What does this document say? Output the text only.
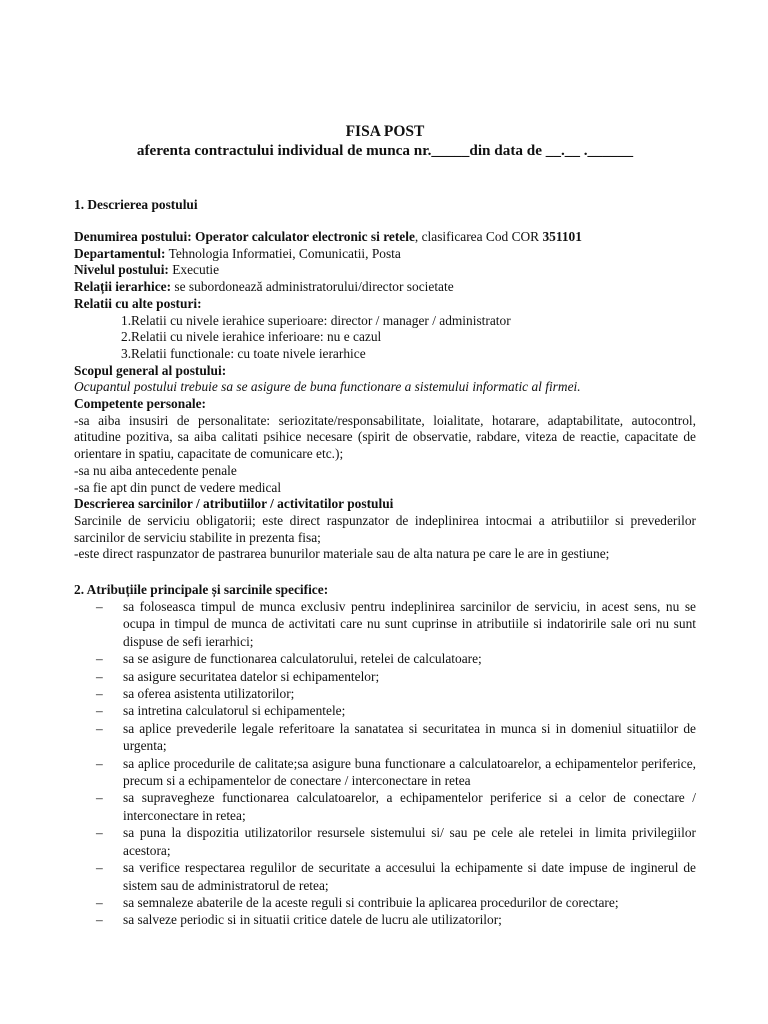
FISA POST
aferenta contractului individual de munca nr._____din data de __.__ .______
1. Descrierea postului
Denumirea postului: Operator calculator electronic si retele, clasificarea Cod COR 351101
Departamentul: Tehnologia Informatiei, Comunicatii, Posta
Nivelul postului: Executie
Relații ierarhice: se subordonează administratorului/director societate
Relatii cu alte posturi:
1.Relatii cu nivele ierahice superioare: director / manager / administrator
2.Relatii cu nivele ierahice inferioare: nu e cazul
3.Relatii functionale: cu toate nivele ierarhice
Scopul general al postului:
Ocupantul postului trebuie sa se asigure de buna functionare a sistemului informatic al firmei.
Competente personale:
-sa aiba insusiri de personalitate: seriozitate/responsabilitate, loialitate, hotarare, adaptabilitate, autocontrol, atitudine pozitiva, sa aiba calitati psihice necesare (spirit de observatie, rabdare, viteza de reactie, capacitate de orientare in spatiu, capacitate de comunicare etc.);
-sa nu aiba antecedente penale
-sa fie apt din punct de vedere medical
Descrierea sarcinilor / atributiilor / activitatilor postului
Sarcinile de serviciu obligatorii; este direct raspunzator de indeplinirea intocmai a atributiilor si prevederilor sarcinilor de serviciu stabilite in prezenta fisa;
-este direct raspunzator de pastrarea bunurilor materiale sau de alta natura pe care le are in gestiune;
2. Atribuțiile principale și sarcinile specifice:
– sa foloseasca timpul de munca exclusiv pentru indeplinirea sarcinilor de serviciu, in acest sens, nu se ocupa in timpul de munca de activitati care nu sunt cuprinse in atributiile si indatoririle sale ori nu sunt dispuse de sefi ierarhici;
– sa se asigure de functionarea calculatorului, retelei de calculatoare;
– sa asigure securitatea datelor si echipamentelor;
– sa oferea asistenta utilizatorilor;
– sa intretina calculatorul si echipamentele;
– sa aplice prevederile legale referitoare la sanatatea si securitatea in munca si in domeniul situatiilor de urgenta;
– sa aplice procedurile de calitate;sa asigure buna functionare a calculatoarelor, a echipamentelor periferice, precum si a echipamentelor de conectare / interconectare in retea
– sa supravegheze functionarea calculatoarelor, a echipamentelor periferice si a celor de conectare / interconectare in retea;
– sa puna la dispozitia utilizatorilor resursele sistemului si/ sau pe cele ale retelei in limita privilegiilor acestora;
– sa verifice respectarea regulilor de securitate a accesului la echipamente si date impuse de inginerul de sistem sau de administratorul de retea;
– sa semnaleze abaterile de la aceste reguli si contribuie la aplicarea procedurilor de corectare;
– sa salveze periodic si in situatii critice datele de lucru ale utilizatorilor;
